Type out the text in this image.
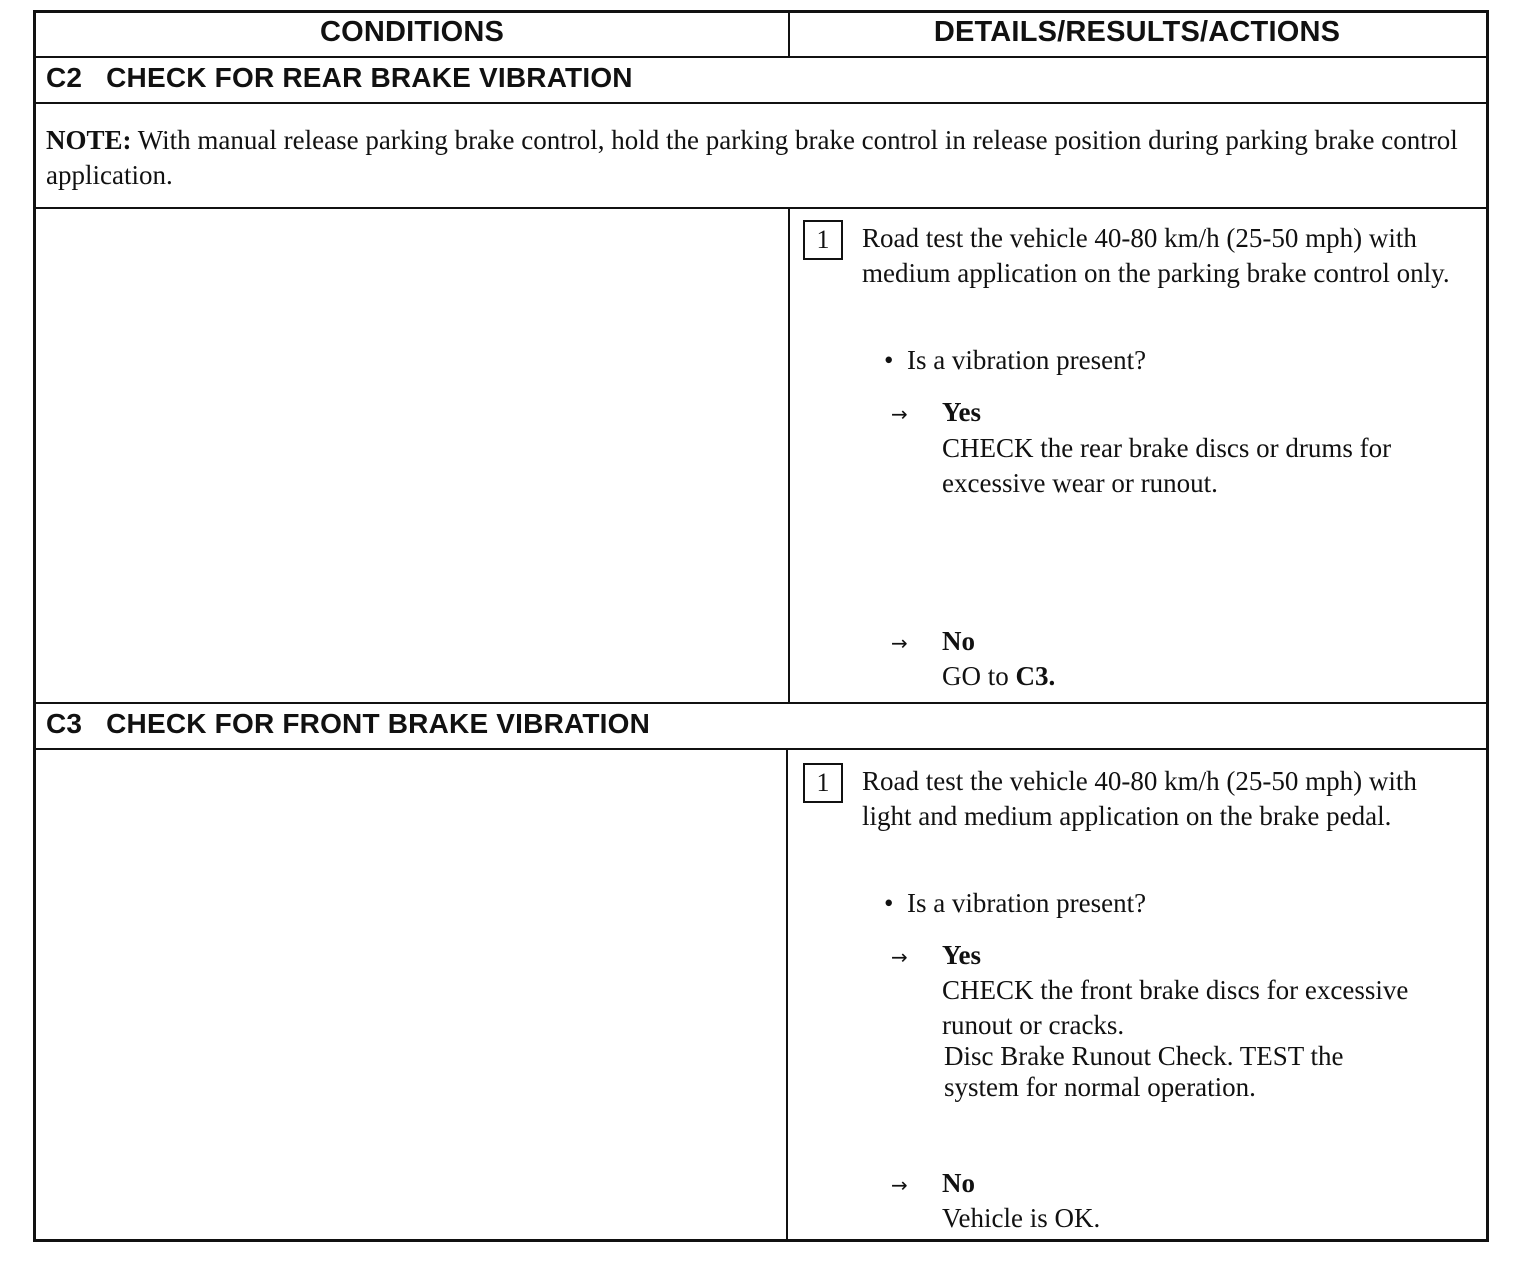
CONDITIONS	DETAILS/RESULTS/ACTIONS
C2   CHECK FOR REAR BRAKE VIBRATION
NOTE: With manual release parking brake control, hold the parking brake control in release position during parking brake control application.
1	Road test the vehicle 40-80 km/h (25-50 mph) with medium application on the parking brake control only.
• Is a vibration present?
→ Yes
CHECK the rear brake discs or drums for excessive wear or runout.
→ No
GO to C3.
C3   CHECK FOR FRONT BRAKE VIBRATION
1	Road test the vehicle 40-80 km/h (25-50 mph) with light and medium application on the brake pedal.
• Is a vibration present?
→ Yes
CHECK the front brake discs for excessive runout or cracks.
Disc Brake Runout Check. TEST the system for normal operation.
→ No
Vehicle is OK.
